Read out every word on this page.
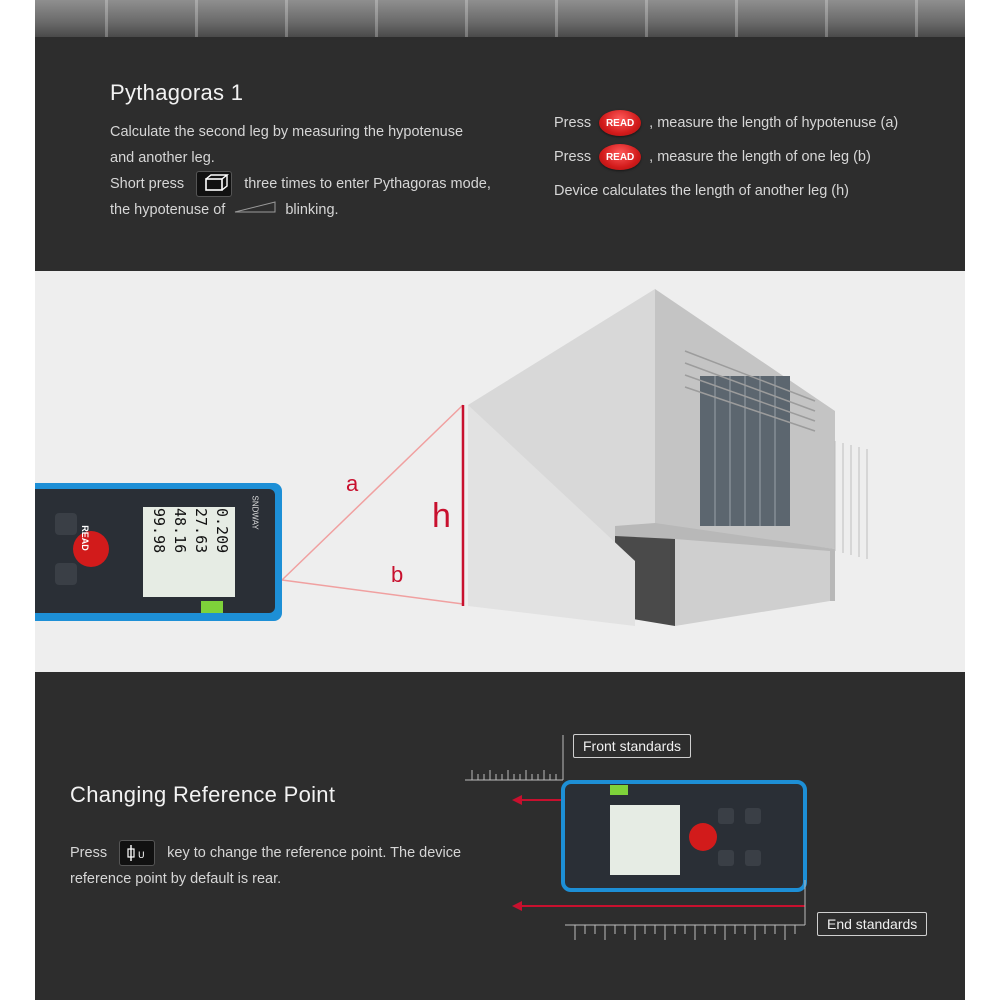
Pythagoras 1
Calculate the second leg by measuring the hypotenuse
and another leg.
Short press	three times to enter Pythagoras mode,
the hypotenuse of	blinking.
Press READ , measure the length of hypotenuse (a)
Press READ , measure the length of one leg (b)
Device calculates the length of another leg (h)
a
b
h
READ	0.209
27.63
48.16
99.98	SNDWAY
Changing Reference Point
Press	U key to change the reference point. The device
reference point by default is rear.
Front standards
End standards
